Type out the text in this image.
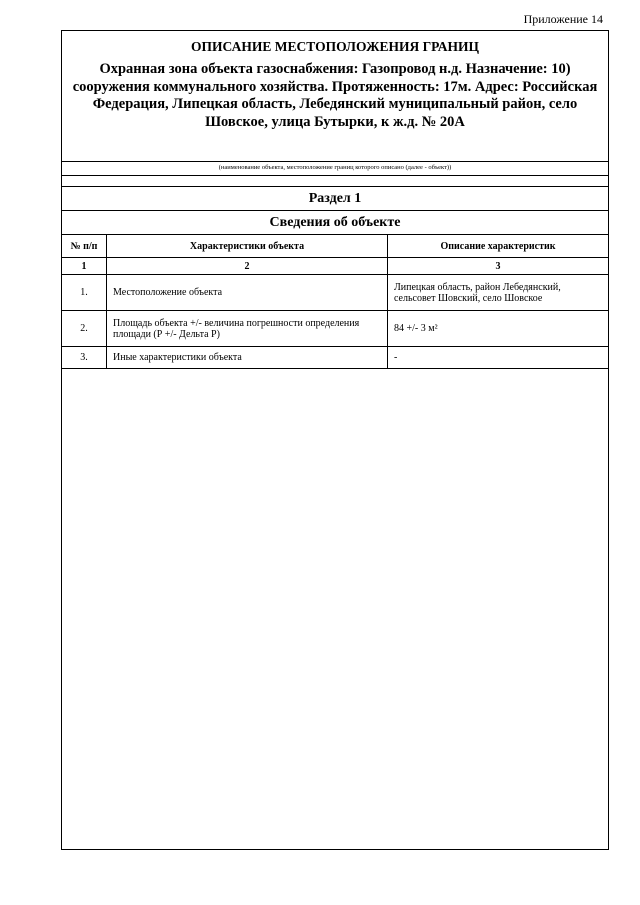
Приложение 14
ОПИСАНИЕ МЕСТОПОЛОЖЕНИЯ ГРАНИЦ
Охранная зона объекта газоснабжения: Газопровод н.д. Назначение: 10) сооружения коммунального хозяйства. Протяженность: 17м. Адрес: Российская Федерация, Липецкая область, Лебедянский муниципальный район, село Шовское, улица Бутырки, к ж.д. № 20А
(наименование объекта, местоположение границ которого описано (далее - объект))
Раздел 1
Сведения об объекте
№ п/п	Характеристики объекта	Описание характеристик
1	2	3
1.	Местоположение объекта	Липецкая область, район Лебедянский, сельсовет Шовский, село Шовское
2.	Площадь объекта +/- величина погрешности определения площади (Р +/- Дельта Р)	84 +/- 3 м²
3.	Иные характеристики объекта	-
